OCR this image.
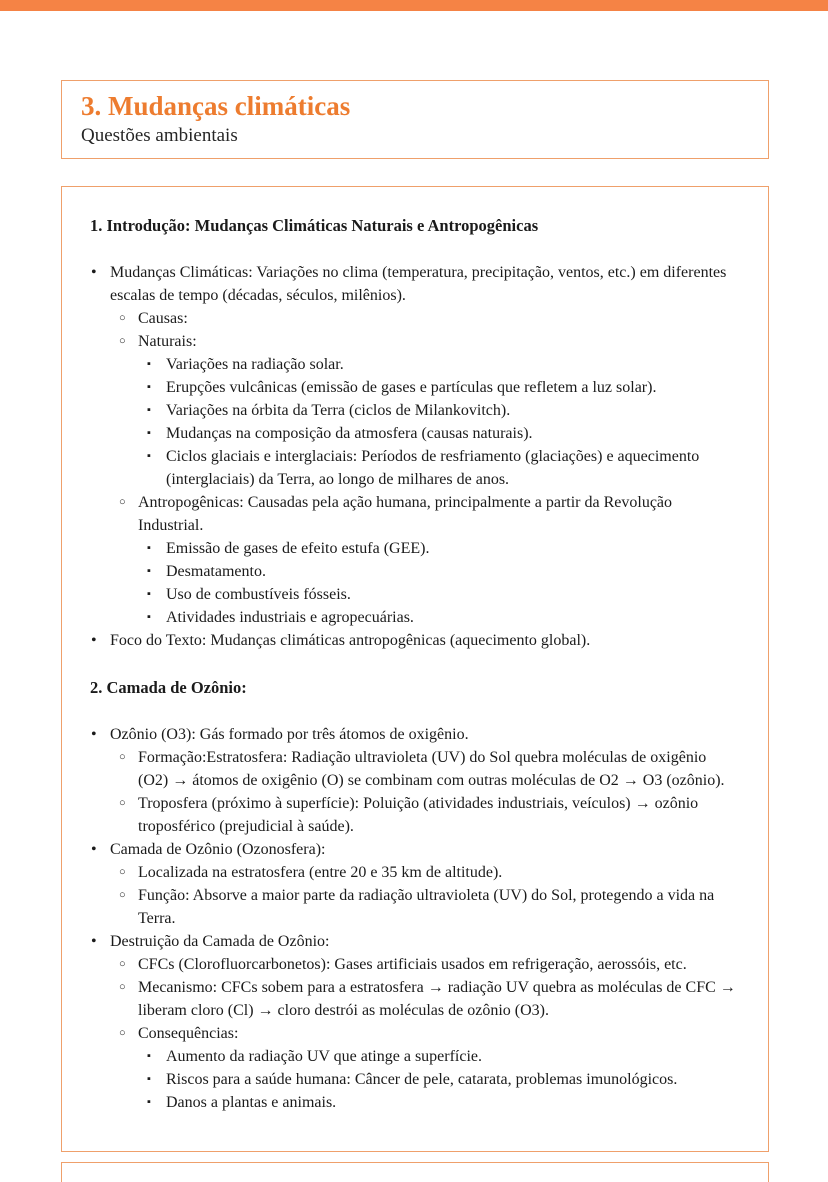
3. Mudanças climáticas
Questões ambientais
1. Introdução: Mudanças Climáticas Naturais e Antropogênicas
• Mudanças Climáticas: Variações no clima (temperatura, precipitação, ventos, etc.) em diferentes escalas de tempo (décadas, séculos, milênios).
○ Causas:
○ Naturais:
▪ Variações na radiação solar.
▪ Erupções vulcânicas (emissão de gases e partículas que refletem a luz solar).
▪ Variações na órbita da Terra (ciclos de Milankovitch).
▪ Mudanças na composição da atmosfera (causas naturais).
▪ Ciclos glaciais e interglaciais: Períodos de resfriamento (glaciações) e aquecimento (interglaciais) da Terra, ao longo de milhares de anos.
○ Antropogênicas: Causadas pela ação humana, principalmente a partir da Revolução Industrial.
▪ Emissão de gases de efeito estufa (GEE).
▪ Desmatamento.
▪ Uso de combustíveis fósseis.
▪ Atividades industriais e agropecuárias.
• Foco do Texto: Mudanças climáticas antropogênicas (aquecimento global).
2. Camada de Ozônio:
• Ozônio (O3): Gás formado por três átomos de oxigênio.
○ Formação:Estratosfera: Radiação ultravioleta (UV) do Sol quebra moléculas de oxigênio (O2) → átomos de oxigênio (O) se combinam com outras moléculas de O2 → O3 (ozônio).
○ Troposfera (próximo à superfície): Poluição (atividades industriais, veículos) → ozônio troposférico (prejudicial à saúde).
• Camada de Ozônio (Ozonosfera):
○ Localizada na estratosfera (entre 20 e 35 km de altitude).
○ Função: Absorve a maior parte da radiação ultravioleta (UV) do Sol, protegendo a vida na Terra.
• Destruição da Camada de Ozônio:
○ CFCs (Clorofluorcarbonetos): Gases artificiais usados em refrigeração, aerossóis, etc.
○ Mecanismo: CFCs sobem para a estratosfera → radiação UV quebra as moléculas de CFC → liberam cloro (Cl) → cloro destrói as moléculas de ozônio (O3).
○ Consequências:
▪ Aumento da radiação UV que atinge a superfície.
▪ Riscos para a saúde humana: Câncer de pele, catarata, problemas imunológicos.
▪ Danos a plantas e animais.
